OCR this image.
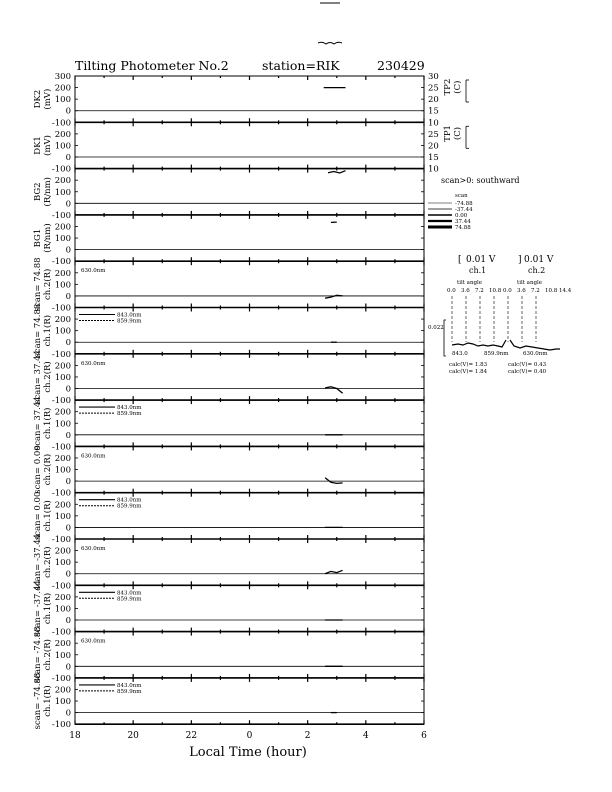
Tilting Photometer No.2	station=RIK	230429
300
200
100
0
-100
DK2(mV)
30
25
20
15
10
TP2(C)
200
100
0
-100
DK1(mV)
25
20
15
10
TP1(C)
200
100
0
-100
BG2(R/nm)
200
100
0
-100
BG1(R/nm)
200
100
0
-100
scan= 74.88ch.2(R)	630.0nm
200
100
0
-100
scan= 74.88ch.1(R)	843.0nm
859.9nm
200
100
0
-100
scan= 37.44ch.2(R)	630.0nm
200
100
0
-100
scan= 37.44ch.1(R)	843.0nm
859.9nm
200
100
0
-100
scan= 0.00ch.2(R)	630.0nm
200
100
0
-100
scan= 0.00ch.1(R)	843.0nm
859.9nm
200
100
0
-100
scan= -37.44ch.2(R)	630.0nm
200
100
0
-100
scan= -37.44ch.1(R)	843.0nm
859.9nm
200
100
0
-100
scan= -74.88ch.2(R)	630.0nm
200
100
0
-100
scan= -74.88ch.1(R)	843.0nm
859.9nm
18	20	22	0	2	4	6
Local Time (hour)
scan>0: southward
scan
-74.88
-37.44
0.00
37.44
74.88
0.01 V	0.01 V
[	]
ch.1	ch.2
tilt angle	tilt angle
0.0 3.6 7.2 10.8 0.0 3.6 7.2 10.8 14.4
0.022
843.0	859.9nm	630.0nm
calc(V)= 1.83
calc(V)= 1.84
calc(V)= 0.43
calc(V)= 0.40
